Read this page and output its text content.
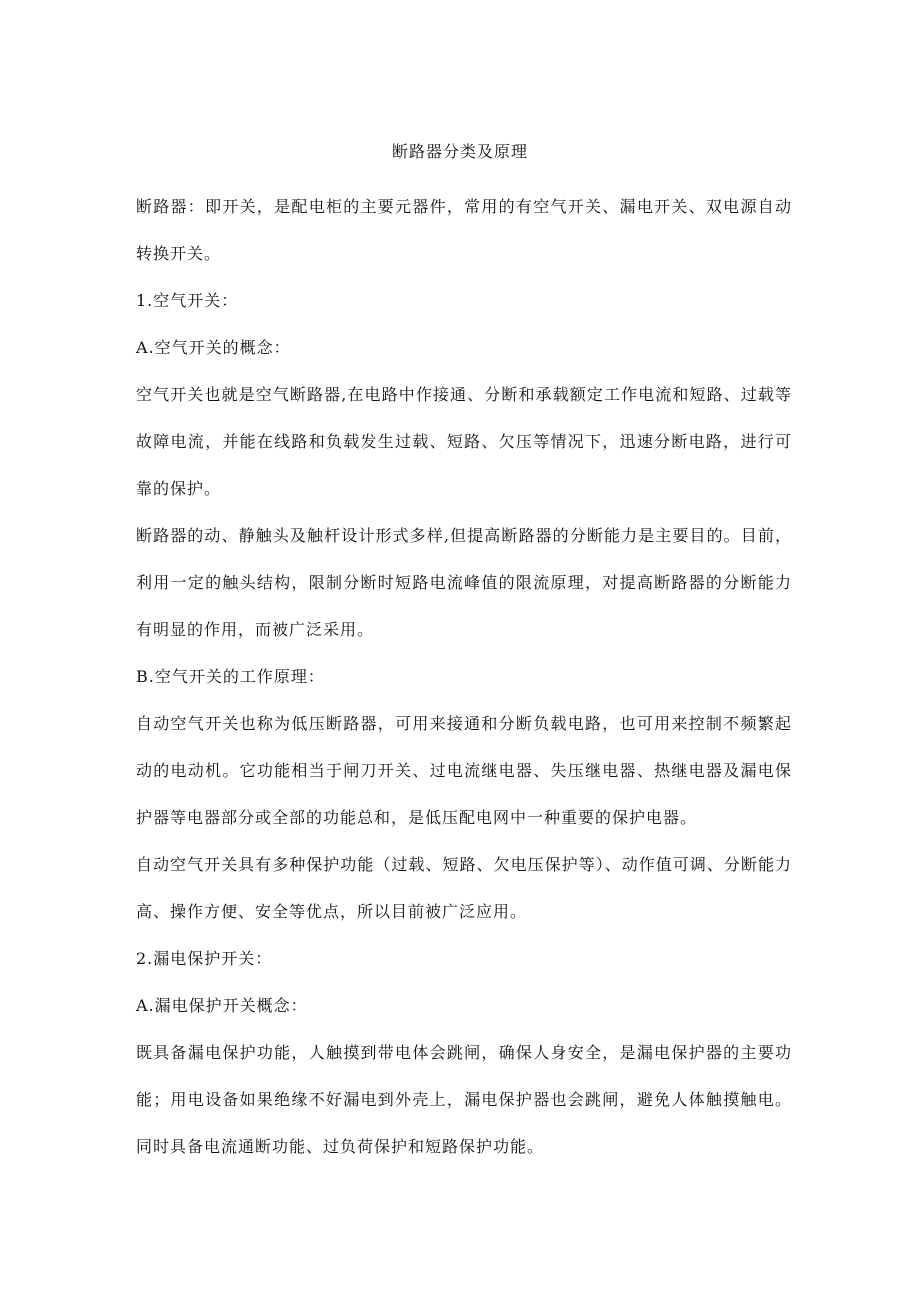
断路器分类及原理

断路器：即开关，是配电柜的主要元器件，常用的有空气开关、漏电开关、双电源自动转换开关。

1.空气开关：

A.空气开关的概念：

空气开关也就是空气断路器,在电路中作接通、分断和承载额定工作电流和短路、过载等故障电流，并能在线路和负载发生过载、短路、欠压等情况下，迅速分断电路，进行可靠的保护。

断路器的动、静触头及触杆设计形式多样,但提高断路器的分断能力是主要目的。目前，利用一定的触头结构，限制分断时短路电流峰值的限流原理，对提高断路器的分断能力有明显的作用，而被广泛采用。

B.空气开关的工作原理：

自动空气开关也称为低压断路器，可用来接通和分断负载电路，也可用来控制不频繁起动的电动机。它功能相当于闸刀开关、过电流继电器、失压继电器、热继电器及漏电保护器等电器部分或全部的功能总和，是低压配电网中一种重要的保护电器。

自动空气开关具有多种保护功能（过载、短路、欠电压保护等）、动作值可调、分断能力高、操作方便、安全等优点，所以目前被广泛应用。

2.漏电保护开关：

A.漏电保护开关概念：

既具备漏电保护功能，人触摸到带电体会跳闸，确保人身安全，是漏电保护器的主要功能；用电设备如果绝缘不好漏电到外壳上，漏电保护器也会跳闸，避免人体触摸触电。同时具备电流通断功能、过负荷保护和短路保护功能。
